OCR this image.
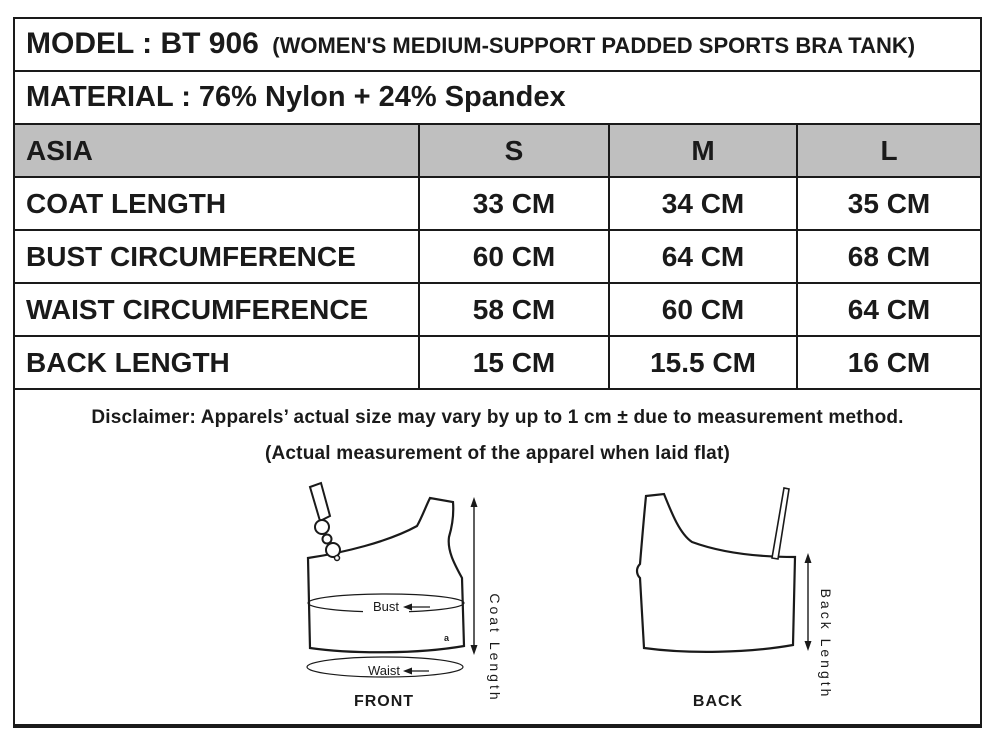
MODEL : BT 906 (WOMEN'S MEDIUM-SUPPORT PADDED SPORTS BRA TANK)
MATERIAL : 76% Nylon + 24% Spandex
ASIA	S	M	L
COAT LENGTH	33 CM	34 CM	35 CM
BUST CIRCUMFERENCE	60 CM	64 CM	68 CM
WAIST CIRCUMFERENCE	58 CM	60 CM	64 CM
BACK LENGTH	15 CM	15.5 CM	16 CM
Disclaimer: Apparels’ actual size may vary by up to 1 cm ± due to measurement method.
(Actual measurement of the apparel when laid flat)
Bust
Waist	Coat Length
a
FRONT
Back Length
BACK
